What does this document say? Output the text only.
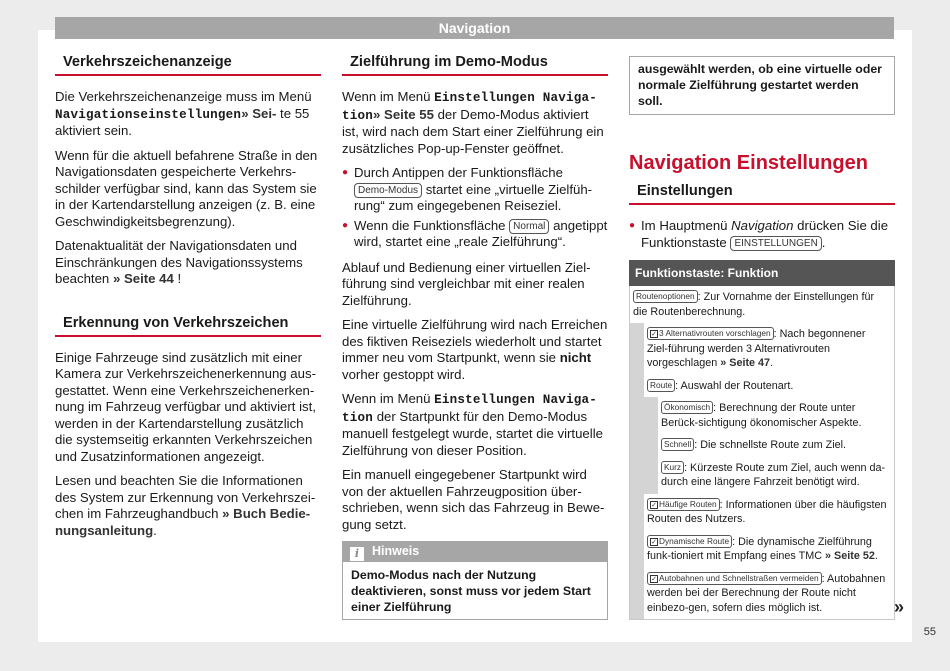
Navigation
Verkehrszeichenanzeige

Die Verkehrszeichenanzeige muss im Menü Navigationseinstellungen» Sei- te 55 aktiviert sein.

Wenn für die aktuell befahrene Straße in den Navigationsdaten gespeicherte Verkehrs-schilder verfügbar sind, kann das System sie in der Kartendarstellung anzeigen (z. B. eine Geschwindigkeitsbegrenzung).

Datenaktualität der Navigationsdaten und Einschränkungen des Navigationssystems beachten » Seite 44 !

Erkennung von Verkehrszeichen

Einige Fahrzeuge sind zusätzlich mit einer Kamera zur Verkehrszeichenerkennung aus-gestattet. Wenn eine Verkehrszeichenerken-nung im Fahrzeug verfügbar und aktiviert ist, werden in der Kartendarstellung zusätzlich die systemseitig erkannten Verkehrszeichen und Zusatzinformationen angezeigt.

Lesen und beachten Sie die Informationen des System zur Erkennung von Verkehrszei-chen im Fahrzeughandbuch » Buch Bedie-nungsanleitung.

Zielführung im Demo-Modus

Wenn im Menü Einstellungen Naviga-tion» Seite 55 der Demo-Modus aktiviert ist, wird nach dem Start einer Zielführung ein zusätzliches Pop-up-Fenster geöffnet.

● Durch Antippen der Funktionsfläche Demo-Modus startet eine „virtuelle Zielfüh-rung“ zum eingegebenen Reiseziel.
● Wenn die Funktionsfläche Normal angetippt wird, startet eine „reale Zielführung“.

Ablauf und Bedienung einer virtuellen Ziel-führung sind vergleichbar mit einer realen Zielführung.

Eine virtuelle Zielführung wird nach Erreichen des fiktiven Reiseziels wiederholt und startet immer neu vom Startpunkt, wenn sie nicht vorher gestoppt wird.

Wenn im Menü Einstellungen Naviga-tion der Startpunkt für den Demo-Modus manuell festgelegt wurde, startet die virtuelle Zielführung von dieser Position.

Ein manuell eingegebener Startpunkt wird von der aktuellen Fahrzeugposition über-schrieben, wenn sich das Fahrzeug in Bewe-gung setzt.

i Hinweis
Demo-Modus nach der Nutzung deaktivieren, sonst muss vor jedem Start einer Zielführung
ausgewählt werden, ob eine virtuelle oder normale Zielführung gestartet werden soll.
Navigation Einstellungen
Einstellungen
● Im Hauptmenü Navigation drücken Sie die Funktionstaste EINSTELLUNGEN .
Funktionstaste: Funktion
Routenoptionen : Zur Vornahme der Einstellungen für die Routenberechnung.
✓ 3 Alternativrouten vorschlagen : Nach begonnener Ziel-führung werden 3 Alternativrouten vorgeschlagen » Seite 47.
Route : Auswahl der Routenart.
Ökonomisch : Berechnung der Route unter Berück-sichtigung ökonomischer Aspekte.
Schnell : Die schnellste Route zum Ziel.
Kurz : Kürzeste Route zum Ziel, auch wenn da-durch eine längere Fahrzeit benötigt wird.
✓ Häufige Routen : Informationen über die häufigsten Routen des Nutzers.
✓ Dynamische Route : Die dynamische Zielführung funk-tioniert mit Empfang eines TMC » Seite 52.
✓ Autobahnen und Schnellstraßen vermeiden : Autobahnen werden bei der Berechnung der Route nicht einbezo-gen, sofern dies möglich ist.	»
55
